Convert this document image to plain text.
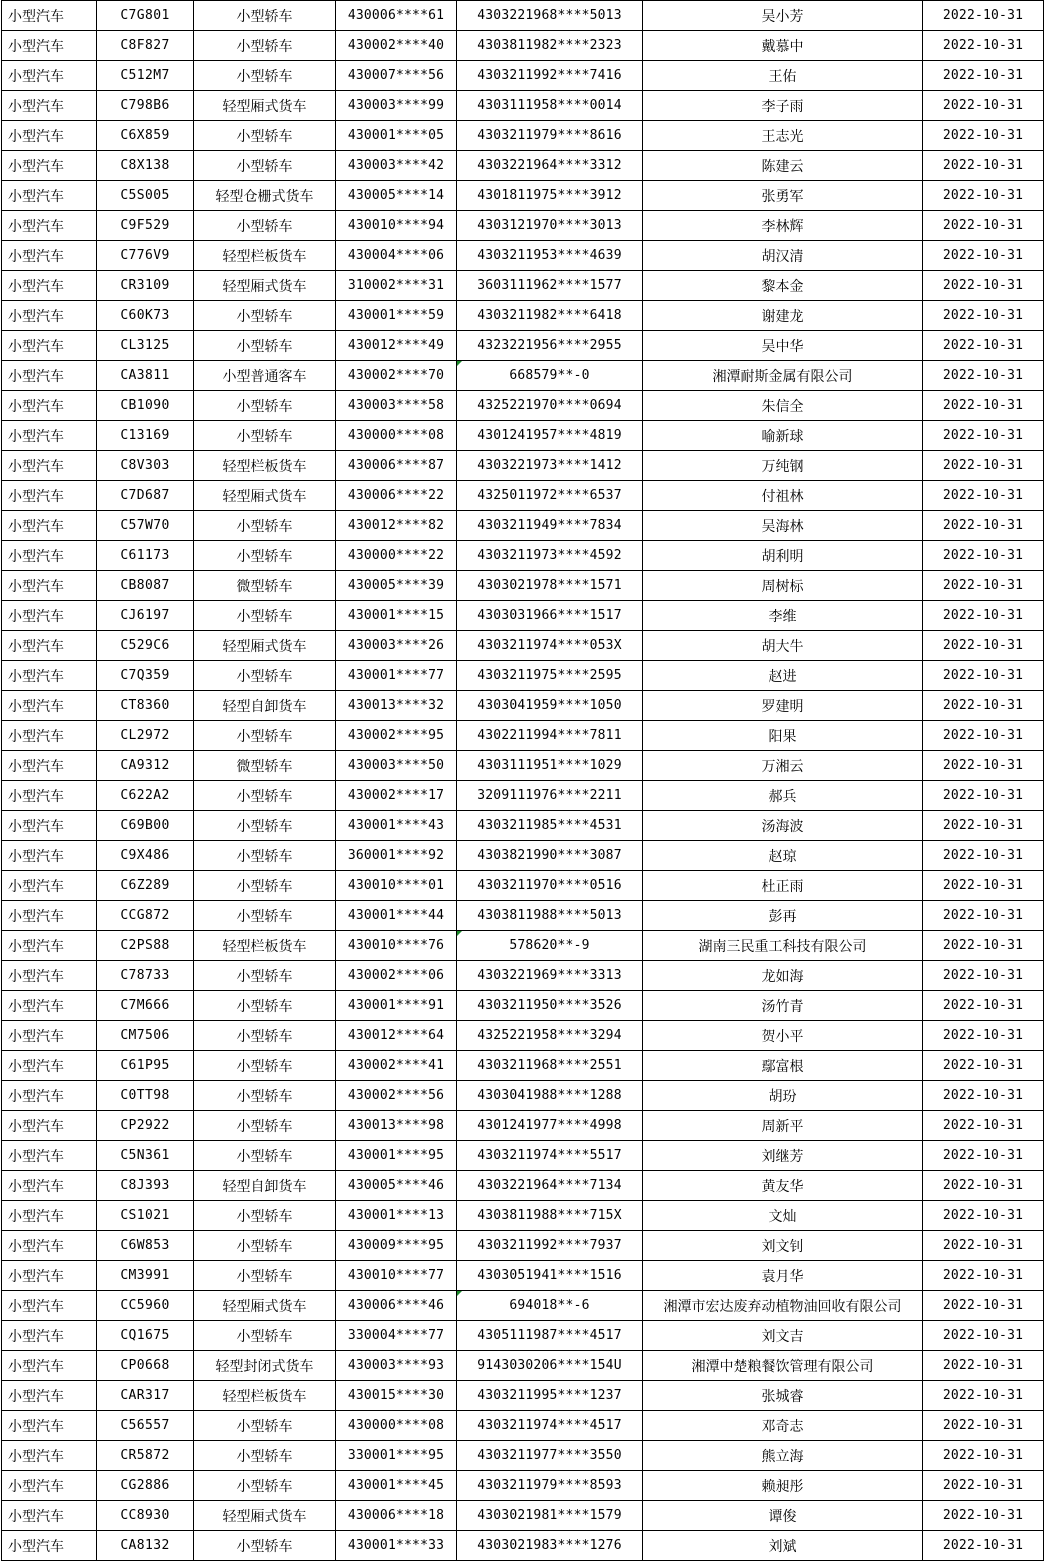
小型汽车	C7G801	小型轿车	430006****61	4303221968****5013	吴小芳	2022-10-31
小型汽车	C8F827	小型轿车	430002****40	4303811982****2323	戴慕中	2022-10-31
小型汽车	C512M7	小型轿车	430007****56	4303211992****7416	王佑	2022-10-31
小型汽车	C798B6	轻型厢式货车	430003****99	4303111958****0014	李子雨	2022-10-31
小型汽车	C6X859	小型轿车	430001****05	4303211979****8616	王志光	2022-10-31
小型汽车	C8X138	小型轿车	430003****42	4303221964****3312	陈建云	2022-10-31
小型汽车	C5S005	轻型仓栅式货车	430005****14	4301811975****3912	张勇军	2022-10-31
小型汽车	C9F529	小型轿车	430010****94	4303121970****3013	李林辉	2022-10-31
小型汽车	C776V9	轻型栏板货车	430004****06	4303211953****4639	胡汉清	2022-10-31
小型汽车	CR3109	轻型厢式货车	310002****31	3603111962****1577	黎本金	2022-10-31
小型汽车	C60K73	小型轿车	430001****59	4303211982****6418	谢建龙	2022-10-31
小型汽车	CL3125	小型轿车	430012****49	4323221956****2955	吴中华	2022-10-31
小型汽车	CA3811	小型普通客车	430002****70	668579**-0	湘潭耐斯金属有限公司	2022-10-31
小型汽车	CB1090	小型轿车	430003****58	4325221970****0694	朱信全	2022-10-31
小型汽车	C13169	小型轿车	430000****08	4301241957****4819	喻新球	2022-10-31
小型汽车	C8V303	轻型栏板货车	430006****87	4303221973****1412	万纯钢	2022-10-31
小型汽车	C7D687	轻型厢式货车	430006****22	4325011972****6537	付祖林	2022-10-31
小型汽车	C57W70	小型轿车	430012****82	4303211949****7834	吴海林	2022-10-31
小型汽车	C61173	小型轿车	430000****22	4303211973****4592	胡利明	2022-10-31
小型汽车	CB8087	微型轿车	430005****39	4303021978****1571	周树标	2022-10-31
小型汽车	CJ6197	小型轿车	430001****15	4303031966****1517	李维	2022-10-31
小型汽车	C529C6	轻型厢式货车	430003****26	4303211974****053X	胡大牛	2022-10-31
小型汽车	C7Q359	小型轿车	430001****77	4303211975****2595	赵进	2022-10-31
小型汽车	CT8360	轻型自卸货车	430013****32	4303041959****1050	罗建明	2022-10-31
小型汽车	CL2972	小型轿车	430002****95	4302211994****7811	阳果	2022-10-31
小型汽车	CA9312	微型轿车	430003****50	4303111951****1029	万湘云	2022-10-31
小型汽车	C622A2	小型轿车	430002****17	3209111976****2211	郝兵	2022-10-31
小型汽车	C69B00	小型轿车	430001****43	4303211985****4531	汤海波	2022-10-31
小型汽车	C9X486	小型轿车	360001****92	4303821990****3087	赵琼	2022-10-31
小型汽车	C6Z289	小型轿车	430010****01	4303211970****0516	杜正雨	2022-10-31
小型汽车	CCG872	小型轿车	430001****44	4303811988****5013	彭再	2022-10-31
小型汽车	C2PS88	轻型栏板货车	430010****76	578620**-9	湖南三民重工科技有限公司	2022-10-31
小型汽车	C78733	小型轿车	430002****06	4303221969****3313	龙如海	2022-10-31
小型汽车	C7M666	小型轿车	430001****91	4303211950****3526	汤竹青	2022-10-31
小型汽车	CM7506	小型轿车	430012****64	4325221958****3294	贺小平	2022-10-31
小型汽车	C61P95	小型轿车	430002****41	4303211968****2551	鄢富根	2022-10-31
小型汽车	C0TT98	小型轿车	430002****56	4303041988****1288	胡玢	2022-10-31
小型汽车	CP2922	小型轿车	430013****98	4301241977****4998	周新平	2022-10-31
小型汽车	C5N361	小型轿车	430001****95	4303211974****5517	刘继芳	2022-10-31
小型汽车	C8J393	轻型自卸货车	430005****46	4303221964****7134	黄友华	2022-10-31
小型汽车	CS1021	小型轿车	430001****13	4303811988****715X	文灿	2022-10-31
小型汽车	C6W853	小型轿车	430009****95	4303211992****7937	刘文钊	2022-10-31
小型汽车	CM3991	小型轿车	430010****77	4303051941****1516	袁月华	2022-10-31
小型汽车	CC5960	轻型厢式货车	430006****46	694018**-6	湘潭市宏达废弃动植物油回收有限公司	2022-10-31
小型汽车	CQ1675	小型轿车	330004****77	4305111987****4517	刘文吉	2022-10-31
小型汽车	CP0668	轻型封闭式货车	430003****93	9143030206****154U	湘潭中楚粮餐饮管理有限公司	2022-10-31
小型汽车	CAR317	轻型栏板货车	430015****30	4303211995****1237	张城睿	2022-10-31
小型汽车	C56557	小型轿车	430000****08	4303211974****4517	邓奇志	2022-10-31
小型汽车	CR5872	小型轿车	330001****95	4303211977****3550	熊立海	2022-10-31
小型汽车	CG2886	小型轿车	430001****45	4303211979****8593	赖昶彤	2022-10-31
小型汽车	CC8930	轻型厢式货车	430006****18	4303021981****1579	谭俊	2022-10-31
小型汽车	CA8132	小型轿车	430001****33	4303021983****1276	刘斌	2022-10-31
